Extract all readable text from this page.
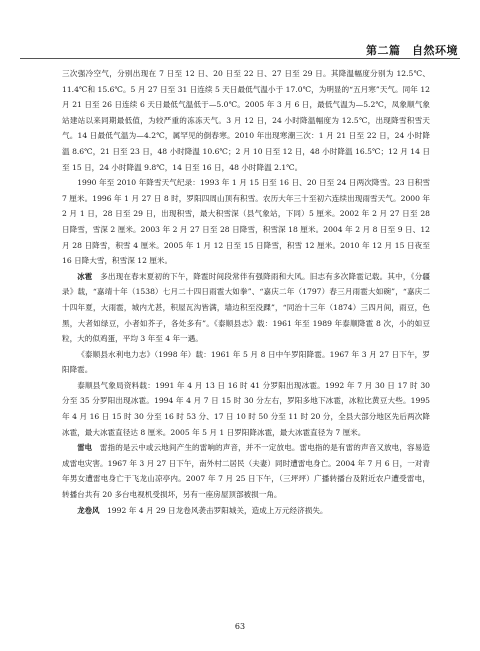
第二篇　自然环境

三次强冷空气，分别出现在 7 日至 12 日、20 日至 22 日、27 日至 29 日。其降温幅度分别为 12.5℃、11.4℃和 15.6℃。5 月 27 日至 31 日连续 5 天日最低气温小于 17.0℃，为明显的“五月寒”天气。同年 12 月 21 日至 26 日连续 6 天日最低气温低于—5.0℃。2005 年 3 月 6 日，最低气温为—5.2℃，凤象顺气象站建站以来同期最低值，为较严重的冻冻天气。3 月 12 日，24 小时降温幅度为 12.5℃，出现降雪积雪天气。14 日最低气温为—4.2℃，属罕见的倒春寒。2010 年出现寒潮三次：1 月 21 日至 22 日，24 小时降温 8.6℃，21 日至 23 日，48 小时降温 10.6℃；2 月 10 日至 12 日，48 小时降温 16.5℃；12 月 14 日至 15 日，24 小时降温 9.8℃，14 日至 16 日，48 小时降温 2.1℃。

1990 年至 2010 年降雪天气纪录：1993 年 1 月 15 日至 16 日、20 日至 24 日两次降雪。23 日积雪 7 厘米。1996 年 1 月 27 日 8 时，罗阳四周山顶有积雪。农历大年三十至初六连续出现雨雪天气。2000 年 2 月 1 日，28 日至 29 日，出现积雪，最大积雪深（县气象站，下同）5 厘米。2002 年 2 月 27 日至 28 日降雪，雪深 2 厘米。2003 年 2 月 27 日至 28 日降雪，积雪深 18 厘米。2004 年 2 月 8 日至 9 日、12 月 28 日降雪，积雪 4 厘米。2005 年 1 月 12 日至 15 日降雪，积雪 12 厘米。2010 年 12 月 15 日夜至 16 日降大雪，积雪深 12 厘米。

冰雹　多出现在春末夏初的下午，降雹时间段常伴有强降雨和大风。旧志有多次降雹记载。其中，《分疆录》载，“嘉靖十年（1538）七月二十四日雨雹大如拳”、“嘉庆二年（1797）春三月雨雹大如碗”，“嘉庆二十四年夏，大雨雹，城内尤甚，积屋瓦沟皆满，墙边积至没踝”，“同治十三年（1874）三四月间，雨豆，色黑，大者如绿豆，小者如芥子，各处多有”。《泰顺县志》载：1961 年至 1989 年泰顺降雹 8 次，小的如豆粒，大的似鸡蛋，平均 3 年至 4 年一遇。

《泰顺县水利电力志》（1998 年）载：1961 年 5 月 8 日中午罗阳降雹。1967 年 3 月 27 日下午，罗阳降雹。

泰顺县气象局资料载：1991 年 4 月 13 日 16 时 41 分罗阳出现冰雹。1992 年 7 月 30 日 17 时 30 分至 35 分罗阳出现冰雹。1994 年 4 月 7 日 15 时 30 分左右，罗阳多地下冰雹，冰粒比黄豆大些。1995 年 4 月 16 日 15 时 30 分至 16 时 53 分、17 日 10 时 50 分至 11 时 20 分，全县大部分地区先后两次降冰雹，最大冰雹直径达 8 厘米。2005 年 5 月 1 日罗阳降冰雹，最大冰雹直径为 7 厘米。

雷电　雷指的是云中或云地间产生的雷响的声音，并不一定放电。雷电指的是有雷的声音又放电，容易造成雷电灾害。1967 年 3 月 27 日下午，南外村二居民（夫妻）同时遭雷电身亡。2004 年 7 月 6 日，一对青年男女遭雷电身亡于飞龙山凉亭内。2007 年 7 月 25 日下午，（三坪坪）广播转播台及附近农户遭受雷电，转播台共有 20 多台电视机受损坏，另有一座房屋顶部被损一角。

龙卷风　1992 年 4 月 29 日龙卷风袭击罗阳城关，造成上万元经济损失。

63
